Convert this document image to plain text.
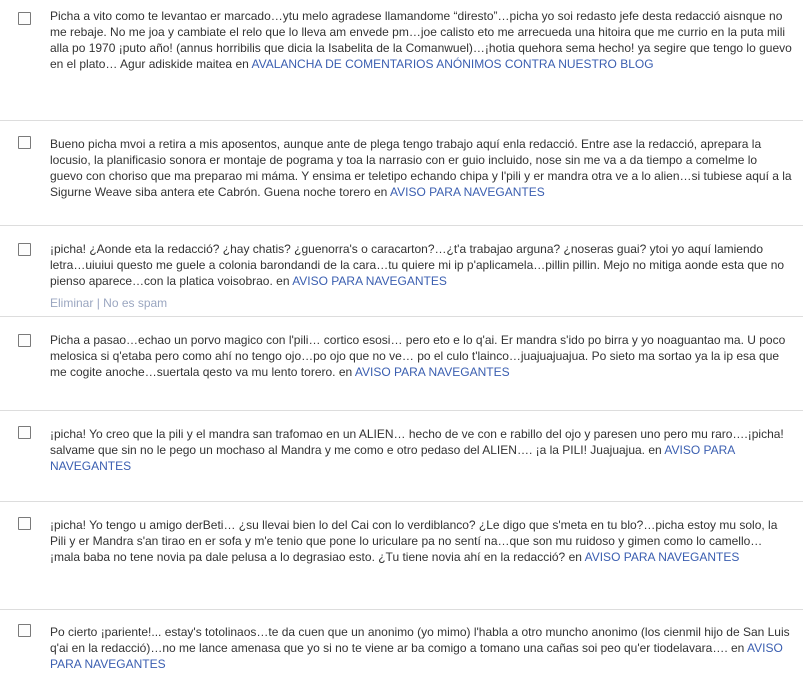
Picha a vito como te levantao er marcado…ytu melo agradese llamandome “diresto”…picha yo soi redasto jefe desta redacció aisnque no me rebaje. No me joa y cambiate el relo que lo lleva am envede pm…joe calisto eto me arrecueda una hitoira que me currio en la puta mili alla po 1970 ¡puto año! (annus horribilis que dicia la Isabelita de la Comanwuel)…¡hotia quehora sema hecho! ya segire que tengo lo guevo en el plato… Agur adiskide maitea en AVALANCHA DE COMENTARIOS ANÓNIMOS CONTRA NUESTRO BLOG

Bueno picha mvoi a retira a mis aposentos, aunque ante de plega tengo trabajo aquí enla redacció. Entre ase la redacció, aprepara la locusio, la planificasio sonora er montaje de pograma y toa la narrasio con er guio incluido, nose sin me va a da tiempo a comelme lo guevo con choriso que ma preparao mi máma. Y ensima er teletipo echando chipa y l'pili y er mandra otra ve a lo alien…si tubiese aquí a la Sigurne Weave siba antera ete Cabrón. Guena noche torero en AVISO PARA NAVEGANTES

¡picha! ¿Aonde eta la redacció? ¿hay chatis? ¿guenorra's o caracarton?…¿t'a trabajao arguna? ¿noseras guai? ytoi yo aquí lamiendo letra…uiuiui questo me guele a colonia barondandi de la cara…tu quiere mi ip p'aplicamela…pillin pillin. Mejo no mitiga aonde esta que no pienso aparece…con la platica voisobrao. en AVISO PARA NAVEGANTES

Eliminar | No es spam

Picha a pasao…echao un porvo magico con l'pili… cortico esosi… pero eto e lo q'ai. Er mandra s'ido po birra y yo noaguantao ma. U poco melosica si q'etaba pero como ahí no tengo ojo…po ojo que no ve… po el culo t'lainco…juajuajuajua. Po sieto ma sortao ya la ip esa que me cogite anoche…suertala qesto va mu lento torero. en AVISO PARA NAVEGANTES

¡picha! Yo creo que la pili y el mandra san trafomao en un ALIEN… hecho de ve con e rabillo del ojo y paresen uno pero mu raro….¡picha! salvame que sin no le pego un mochaso al Mandra y me como e otro pedaso del ALIEN…. ¡a la PILI! Juajuajua. en AVISO PARA NAVEGANTES

¡picha! Yo tengo u amigo derBeti… ¿su llevai bien lo del Cai con lo verdiblanco? ¿Le digo que s'meta en tu blo?…picha estoy mu solo, la Pili y er Mandra s'an tirao en er sofa y m'e tenio que pone lo uriculare pa no sentí na…que son mu ruidoso y gimen como lo camello…¡mala baba no tene novia pa dale pelusa a lo degrasiao esto. ¿Tu tiene novia ahí en la redacció? en AVISO PARA NAVEGANTES

Po cierto ¡pariente!... estay's totolinaos…te da cuen que un anonimo (yo mimo) l'habla a otro muncho anonimo (los cienmil hijo de San Luis q'ai en la redacció)…no me lance amenasa que yo si no te viene ar ba comigo a tomano una cañas soi peo qu'er tiodelavara…. en AVISO PARA NAVEGANTES
